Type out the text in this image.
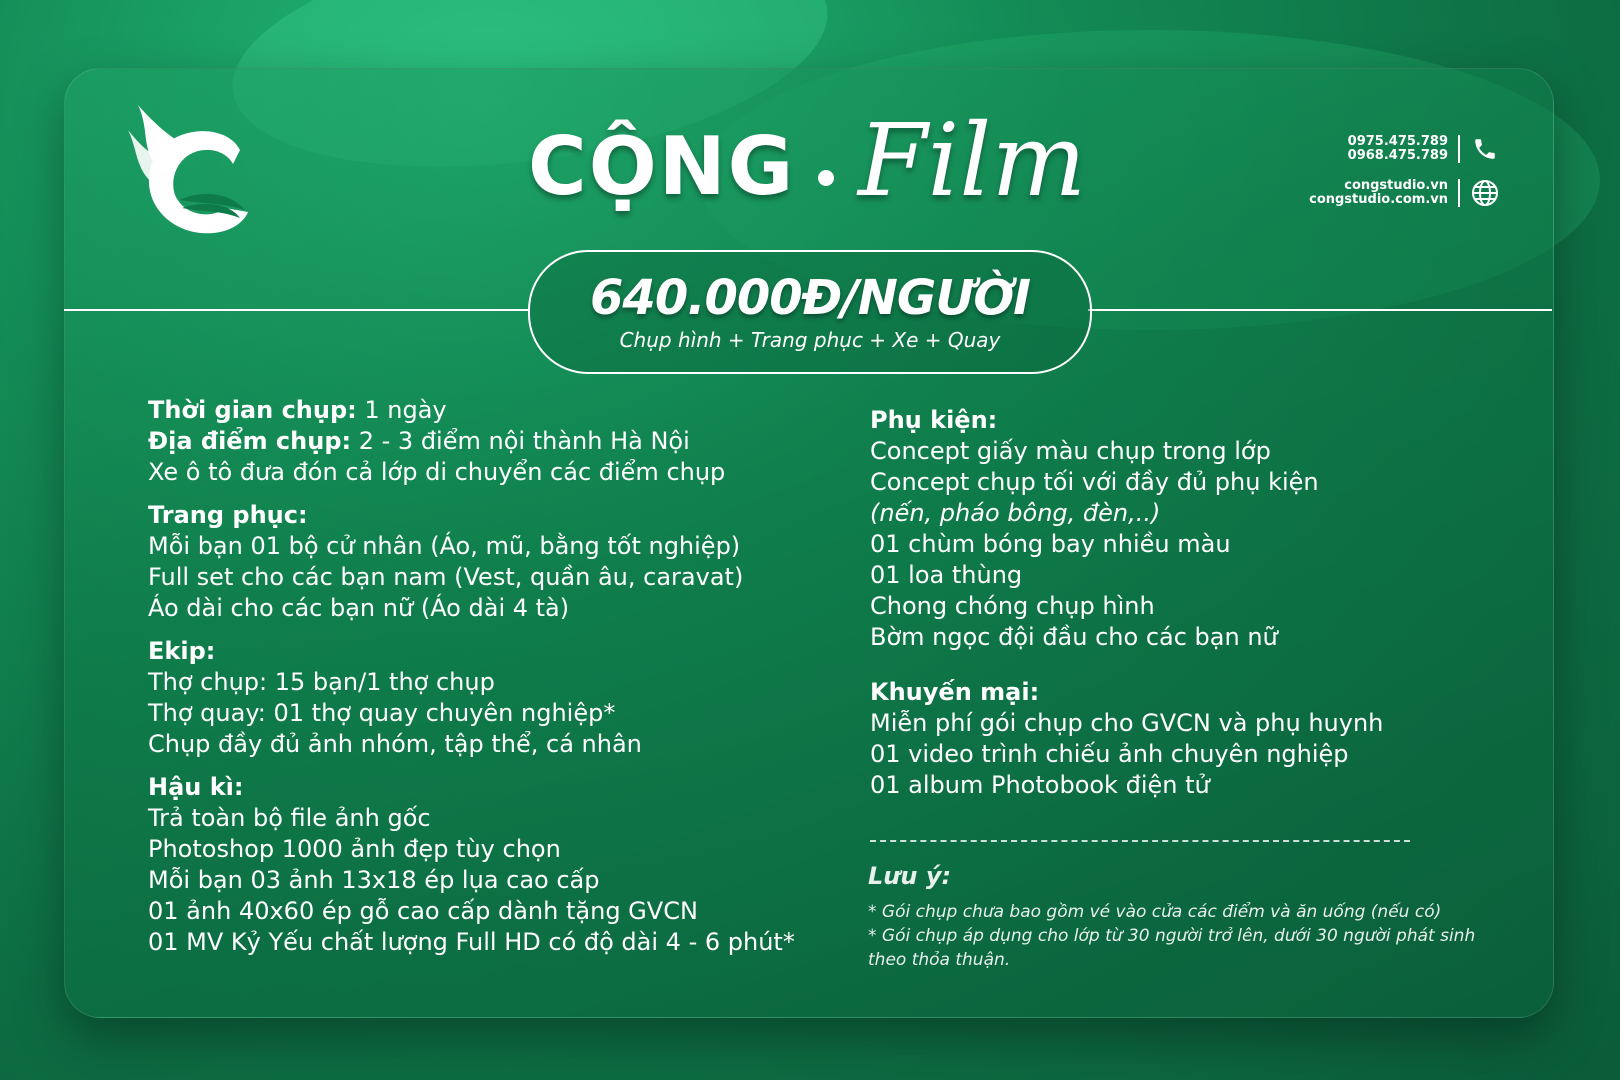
CỘNG Film	0975.475.789
0968.475.789
congstudio.vn
congstudio.com.vn
640.000Đ/NGƯỜI
Chụp hình + Trang phục + Xe + Quay
Thời gian chụp: 1 ngày
Địa điểm chụp: 2 - 3 điểm nội thành Hà Nội
Xe ô tô đưa đón cả lớp di chuyển các điểm chụp
Trang phục:
Mỗi bạn 01 bộ cử nhân (Áo, mũ, bằng tốt nghiệp)
Full set cho các bạn nam (Vest, quần âu, caravat)
Áo dài cho các bạn nữ (Áo dài 4 tà)
Ekip:
Thợ chụp: 15 bạn/1 thợ chụp
Thợ quay: 01 thợ quay chuyên nghiệp*
Chụp đầy đủ ảnh nhóm, tập thể, cá nhân
Hậu kì:
Trả toàn bộ file ảnh gốc
Photoshop 1000 ảnh đẹp tùy chọn
Mỗi bạn 03 ảnh 13x18 ép lụa cao cấp
01 ảnh 40x60 ép gỗ cao cấp dành tặng GVCN
01 MV Kỷ Yếu chất lượng Full HD có độ dài 4 - 6 phút*
Phụ kiện:
Concept giấy màu chụp trong lớp
Concept chụp tối với đầy đủ phụ kiện
(nến, pháo bông, đèn,..)
01 chùm bóng bay nhiều màu
01 loa thùng
Chong chóng chụp hình
Bờm ngọc đội đầu cho các bạn nữ
Khuyến mại:
Miễn phí gói chụp cho GVCN và phụ huynh
01 video trình chiếu ảnh chuyên nghiệp
01 album Photobook điện tử
Lưu ý:
* Gói chụp chưa bao gồm vé vào cửa các điểm và ăn uống (nếu có)
* Gói chụp áp dụng cho lớp từ 30 người trở lên, dưới 30 người phát sinh
theo thỏa thuận.
